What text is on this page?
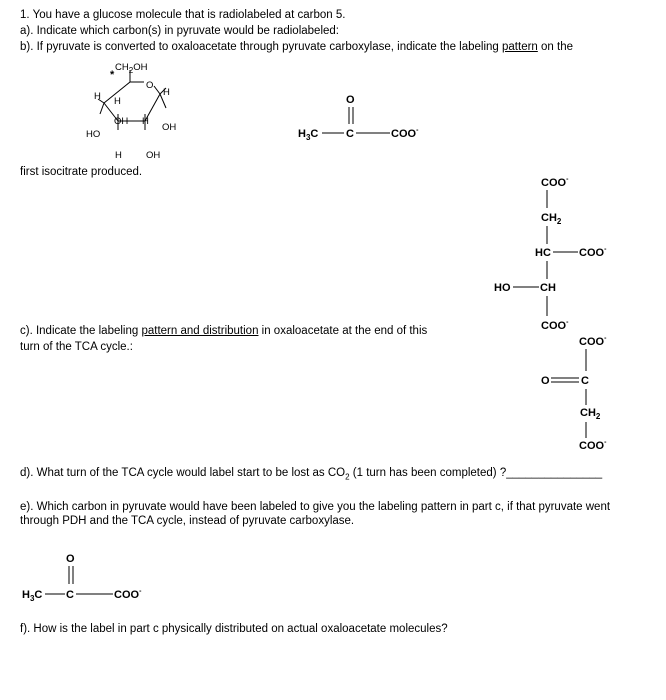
1. You have a glucose molecule that is radiolabeled at carbon 5.
a). Indicate which carbon(s) in pyruvate would be radiolabeled:
b). If pyruvate is converted to oxaloacetate through pyruvate carboxylase, indicate the labeling pattern on the
first isocitrate produced.
c). Indicate the labeling pattern and distribution in oxaloacetate at the end of this
turn of the TCA cycle.:
d). What turn of the TCA cycle would label start to be lost as $CO_2$ (1 turn has been completed) ?_______________
e). Which carbon in pyruvate would have been labeled to give you the labeling pattern in part c, if that pyruvate went through PDH and the TCA cycle, instead of pyruvate carboxylase.
f). How is the label in part c physically distributed on actual oxaloacetate molecules?
$CH_2OH$
O
*
H H
H
OH H
OH
HO
H	OH
O
$H_3C$	C	COO-
COO-
$CH_2$
HC	COO-
HO	CH
COO-
COO-
O	C
$CH_2$
COO-
O
$H_3C$ C	COO-
